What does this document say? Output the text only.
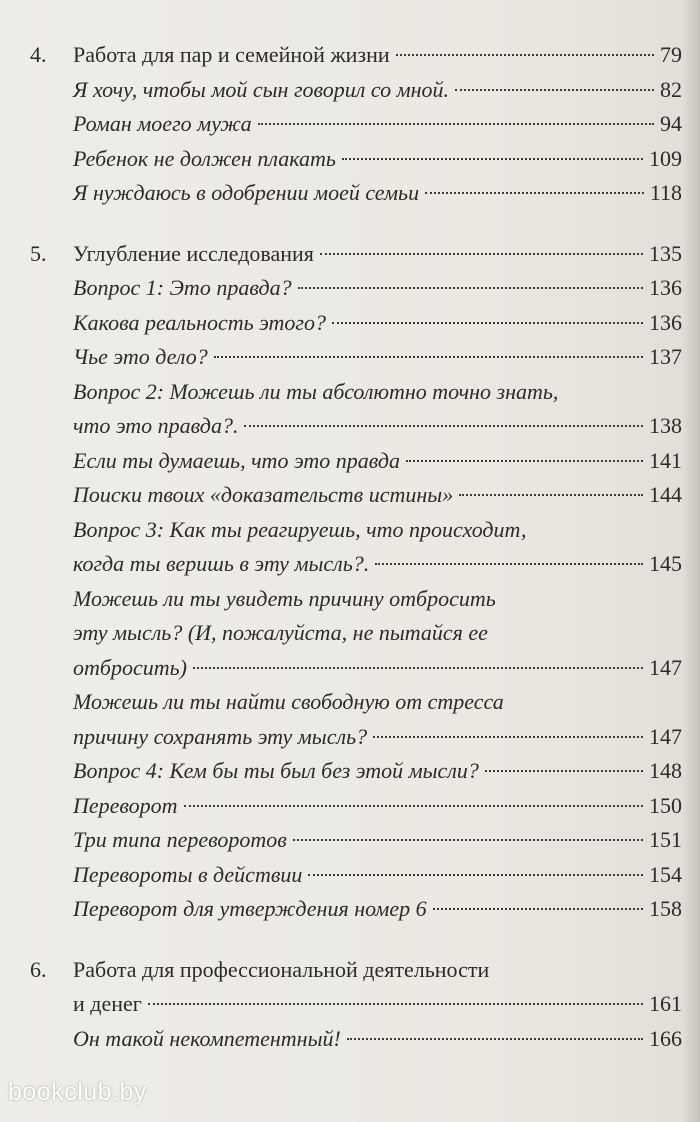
4.	Работа для пар и семейной жизни	79
Я хочу, чтобы мой сын говорил со мной.	82
Роман моего мужа	94
Ребенок не должен плакать	109
Я нуждаюсь в одобрении моей семьи	118
5.	Углубление исследования	135
Вопрос 1: Это правда?	136
Какова реальность этого?	136
Чье это дело?	137
Вопрос 2: Можешь ли ты абсолютно точно знать,
что это правда?.	138
Если ты думаешь, что это правда	141
Поиски твоих «доказательств истины»	144
Вопрос 3: Как ты реагируешь, что происходит,
когда ты веришь в эту мысль?.	145
Можешь ли ты увидеть причину отбросить
эту мысль? (И, пожалуйста, не пытайся ее
отбросить)	147
Можешь ли ты найти свободную от стресса
причину сохранять эту мысль?	147
Вопрос 4: Кем бы ты был без этой мысли?	148
Переворот	150
Три типа переворотов	151
Перевороты в действии	154
Переворот для утверждения номер 6	158
6.	Работа для профессиональной деятельности
и денег	161
Он такой некомпетентный!	166
bookclub.by
